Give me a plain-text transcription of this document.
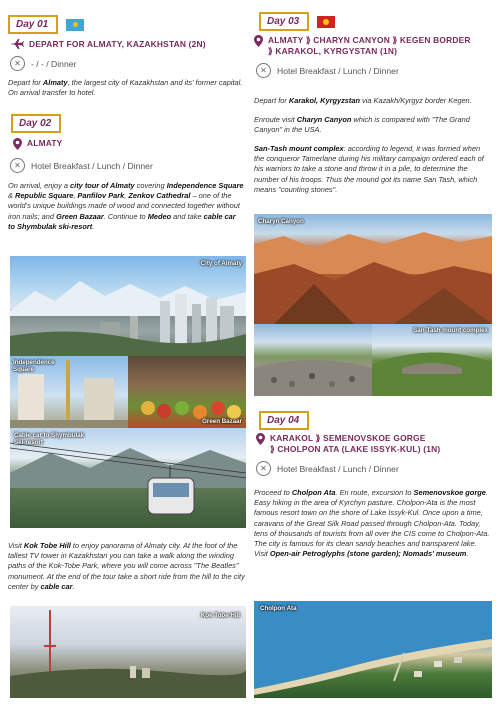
Day 01
DEPART FOR ALMATY, KAZAKHSTAN (2N)
✕	- / - / Dinner

Depart for Almaty, the largest city of Kazakhstan and its' former capital. On arrival transfer to hotel.

Day 02
ALMATY
✕	Hotel Breakfast / Lunch / Dinner

On arrival, enjoy a city tour of Almaty covering Independence Square & Republic Square, Panfilov Park, Zenkov Cathedral – one of the world's unique buildings made of wood and connected together without iron nails; and Green Bazaar. Continue to Medeo and take cable car to Shymbulak ski-resort.

City of Almaty
Independence Square
Green Bazaar
Cable car to Shymbulak Ski-resort

Visit Kok Tobe Hill to enjoy panorama of Almaty city. At the foot of the tallest TV tower in Kazakhstan you can take a walk along the winding paths of the Kok-Tobe Park, where you will come across "The Beatles" monument. At the end of the tour take a short ride from the hill to the city center by cable car.

Kok Tobe Hill
Day 03
ALMATY ⟫ CHARYN CANYON ⟫ KEGEN BORDER
⟫ KARAKOL, KYRGYSTAN (1N)
✕	Hotel Breakfast / Lunch / Dinner

Depart for Karakol, Kyrgyzstan via Kazakh/Kyrgyz border Kegen.

Enroute visit Charyn Canyon which is compared with "The Grand Canyon" in the USA.

San-Tash mount complex: according to legend, it was formed when the conqueror Tamerlane during his military campaign ordered each of his warriors to take a stone and throw it in a pile, to determine the number of his troops. Thus the mound got its name San Tash, which means "counting stones".

Charyn Canyon
San-Tash mount complex
Day 04
KARAKOL ⟫ SEMENOVSKOE GORGE
⟫ CHOLPON ATA (LAKE ISSYK-KUL) (1N)
✕	Hotel Breakfast / Lunch / Dinner

Proceed to Cholpon Ata. En route, excursion to Semenovskoe gorge. Easy hiking in the area of Kyrchyn pasture. Cholpon-Ata is the most famous resort town on the shore of Lake Issyk-Kul. Once upon a time, caravans of the Great Silk Road passed through Cholpon-Ata. Today, tens of thousands of tourists from all over the CIS come to Cholpon-Ata. The city is famous for its clean sandy beaches and transparent lake. Visit Open-air Petroglyphs (stone garden); Nomads' museum.

Cholpon Ata
